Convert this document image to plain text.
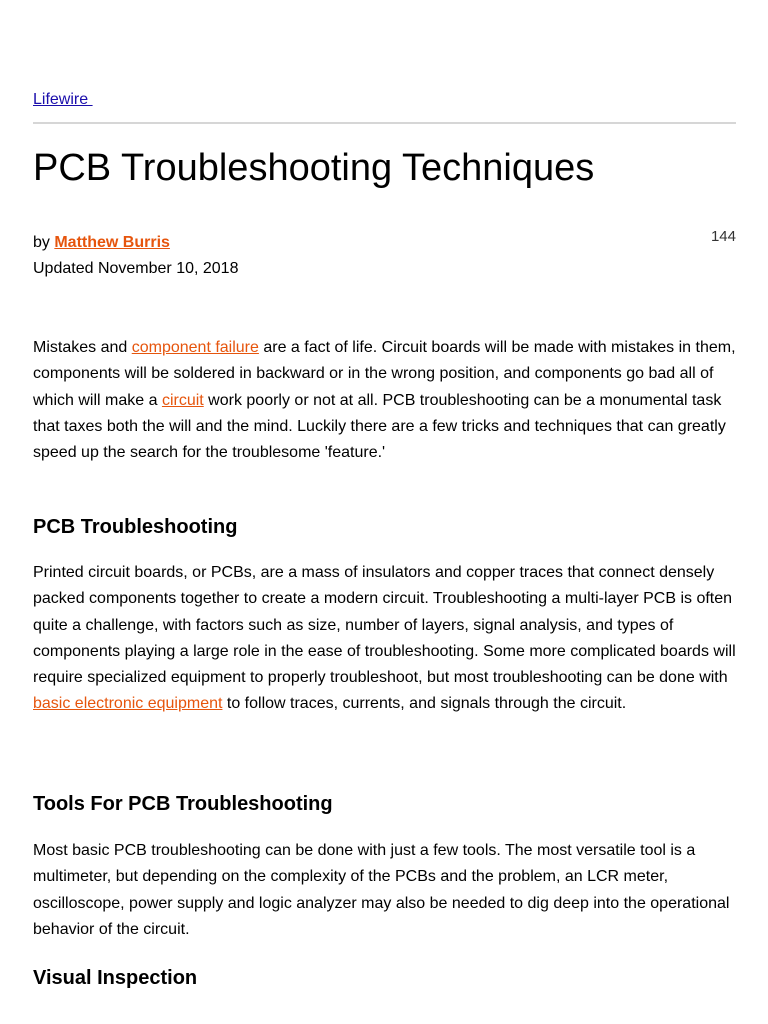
Lifewire
PCB Troubleshooting Techniques
by Matthew Burris
Updated November 10, 2018
144

Mistakes and component failure are a fact of life. Circuit boards will be made with mistakes in them, components will be soldered in backward or in the wrong position, and components go bad all of which will make a circuit work poorly or not at all. PCB troubleshooting can be a monumental task that taxes both the will and the mind. Luckily there are a few tricks and techniques that can greatly speed up the search for the troublesome 'feature.'

PCB Troubleshooting

Printed circuit boards, or PCBs, are a mass of insulators and copper traces that connect densely packed components together to create a modern circuit. Troubleshooting a multi-layer PCB is often quite a challenge, with factors such as size, number of layers, signal analysis, and types of components playing a large role in the ease of troubleshooting. Some more complicated boards will require specialized equipment to properly troubleshoot, but most troubleshooting can be done with basic electronic equipment to follow traces, currents, and signals through the circuit.

Tools For PCB Troubleshooting

Most basic PCB troubleshooting can be done with just a few tools. The most versatile tool is a multimeter, but depending on the complexity of the PCBs and the problem, an LCR meter, oscilloscope, power supply and logic analyzer may also be needed to dig deep into the operational behavior of the circuit.

Visual Inspection
